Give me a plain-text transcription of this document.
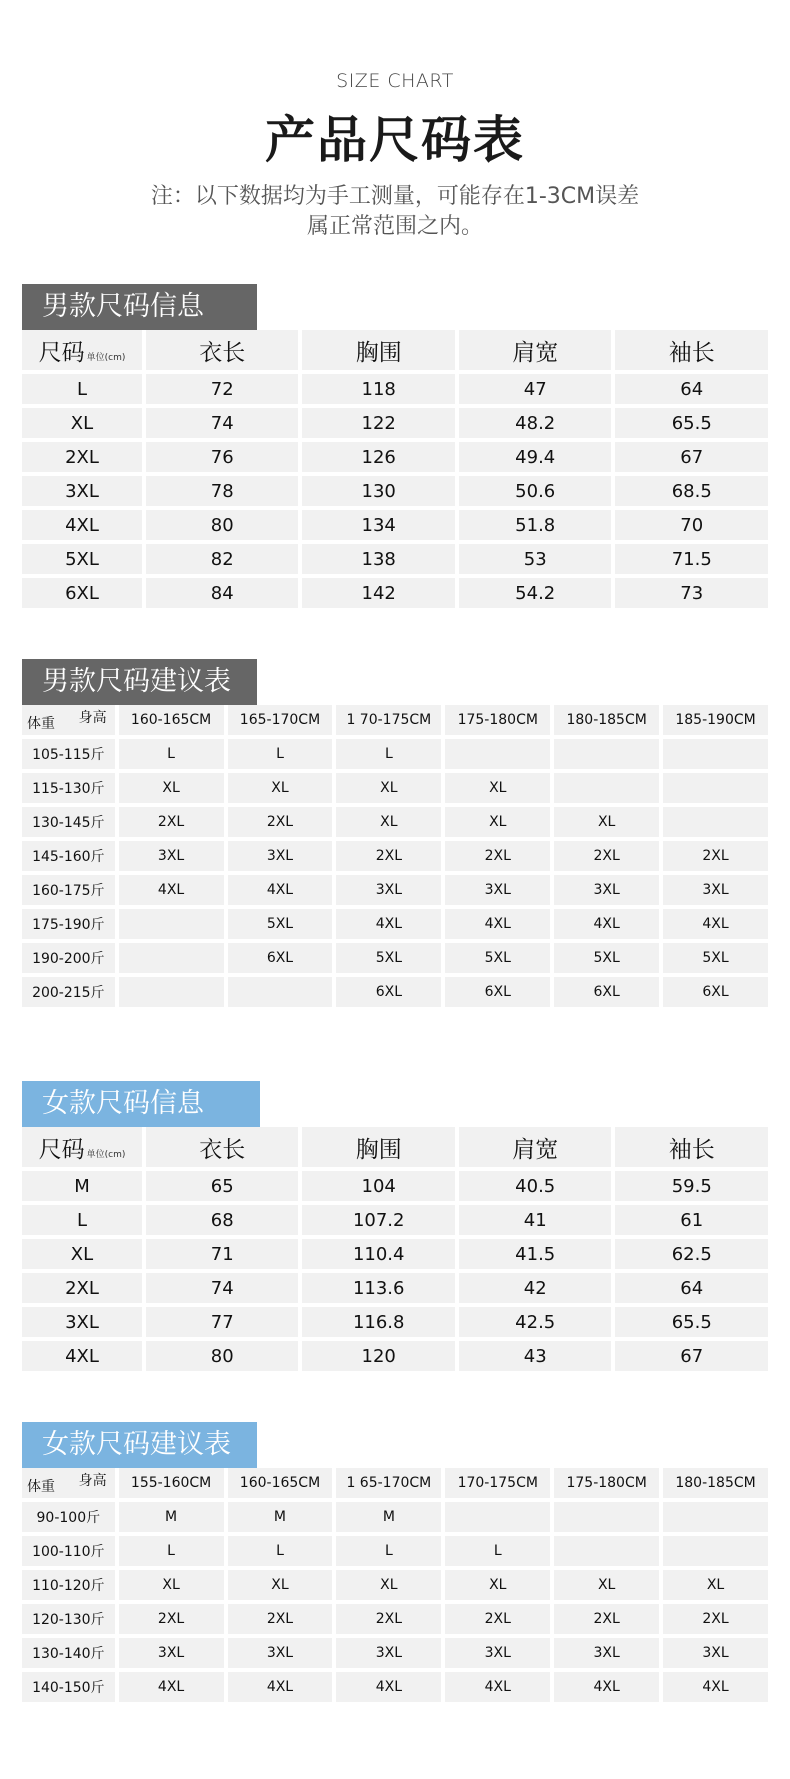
SIZE CHART
产品尺码表
注：以下数据均为手工测量，可能存在1-3CM误差
属正常范围之内。
男款尺码信息
尺码 单位(cm)	衣长	胸围	肩宽	袖长
L	72	118	47	64
XL	74	122	48.2	65.5
2XL	76	126	49.4	67
3XL	78	130	50.6	68.5
4XL	80	134	51.8	70
5XL	82	138	53	71.5
6XL	84	142	54.2	73
男款尺码建议表
身高
体重	160-165CM	165-170CM	1 70-175CM	175-180CM	180-185CM	185-190CM
105-115斤	L	L	L			
115-130斤	XL	XL	XL	XL		
130-145斤	2XL	2XL	XL	XL	XL	
145-160斤	3XL	3XL	2XL	2XL	2XL	2XL
160-175斤	4XL	4XL	3XL	3XL	3XL	3XL
175-190斤		5XL	4XL	4XL	4XL	4XL
190-200斤		6XL	5XL	5XL	5XL	5XL
200-215斤			6XL	6XL	6XL	6XL
女款尺码信息
尺码 单位(cm)	衣长	胸围	肩宽	袖长
M	65	104	40.5	59.5
L	68	107.2	41	61
XL	71	110.4	41.5	62.5
2XL	74	113.6	42	64
3XL	77	116.8	42.5	65.5
4XL	80	120	43	67
女款尺码建议表
身高
体重	155-160CM	160-165CM	1 65-170CM	170-175CM	175-180CM	180-185CM
90-100斤	M	M	M			
100-110斤	L	L	L	L		
110-120斤	XL	XL	XL	XL	XL	XL
120-130斤	2XL	2XL	2XL	2XL	2XL	2XL
130-140斤	3XL	3XL	3XL	3XL	3XL	3XL
140-150斤	4XL	4XL	4XL	4XL	4XL	4XL
